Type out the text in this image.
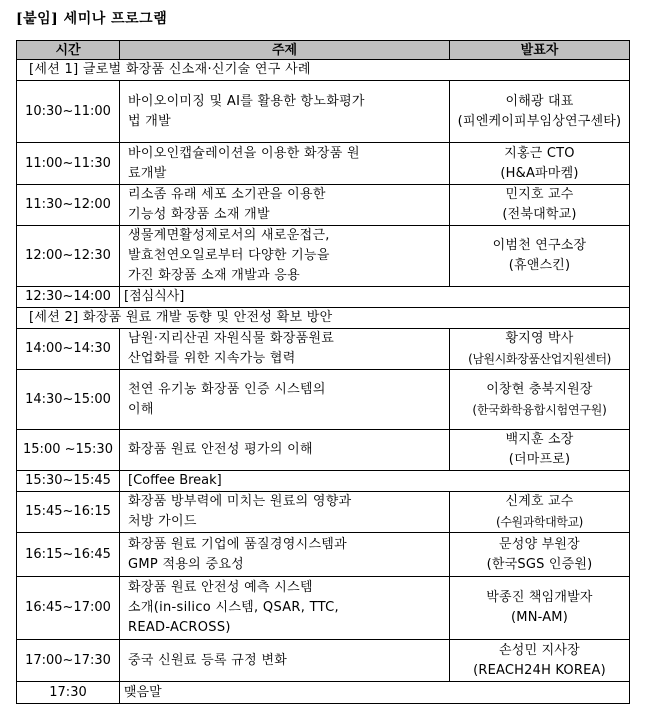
[붙임] 세미나 프로그램
시간	주제	발표자
[세션 1] 글로벌 화장품 신소재·신기술 연구 사례		
10:30~11:00	바이오이미징 및 AI를 활용한 항노화평가
법 개발	이해광 대표
(피엔케이피부임상연구센타)

11:00~11:30	바이오인캡슐레이션을 이용한 화장품 원
료개발	지홍근 CTO
(H&A파마켐)

11:30~12:00	리소좀 유래 세포 소기관을 이용한
기능성 화장품 소재 개발	민지호 교수
(전북대학교)

12:00~12:30	생물계면활성제로서의 새로운접근,
발효천연오일로부터 다양한 기능을
가진 화장품 소재 개발과 응용	이범천 연구소장
(휴앤스킨)

12:30~14:00	[점심식사]	
[세션 2] 화장품 원료 개발 동향 및 안전성 확보 방안		
14:00~14:30	남원·지리산권 자원식물 화장품원료
산업화를 위한 지속가능 협력	황지영 박사
(남원시화장품산업지원센터)

14:30~15:00	천연 유기농 화장품 인증 시스템의
이해	이창현 충북지원장
(한국화학융합시험연구원)

15:00 ~15:30	화장품 원료 안전성 평가의 이해	백지훈 소장
(더마프로)

15:30~15:45	[Coffee Break]	
15:45~16:15	화장품 방부력에 미치는 원료의 영향과
처방 가이드	신계호 교수
(수원과학대학교)

16:15~16:45	화장품 원료 기업에 품질경영시스템과
GMP 적용의 중요성	문성양 부원장
(한국SGS 인증원)

16:45~17:00	화장품 원료 안전성 예측 시스템
소개(in-silico 시스템, QSAR, TTC,
READ-ACROSS)	박종진 책임개발자
(MN-AM)

17:00~17:30	중국 신원료 등록 규정 변화	손성민 지사장
(REACH24H KOREA)

17:30	맺음말	
